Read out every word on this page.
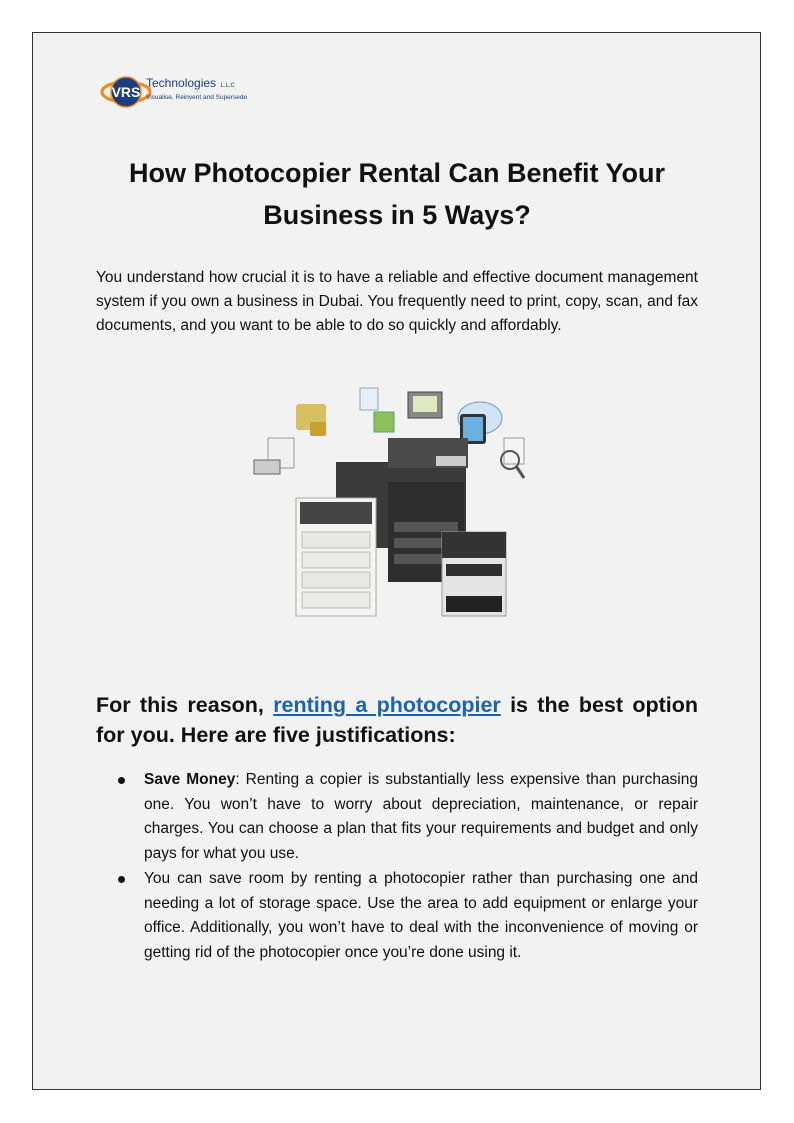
VRS
Technologies L.L.C
Visualise, Reinvent and Supersede
How Photocopier Rental Can Benefit Your Business in 5 Ways?
You understand how crucial it is to have a reliable and effective document management system if you own a business in Dubai. You frequently need to print, copy, scan, and fax documents, and you want to be able to do so quickly and affordably.
For this reason, renting a photocopier is the best option for you. Here are five justifications:
Save Money: Renting a copier is substantially less expensive than purchasing one. You won’t have to worry about depreciation, maintenance, or repair charges. You can choose a plan that fits your requirements and budget and only pays for what you use.
You can save room by renting a photocopier rather than purchasing one and needing a lot of storage space. Use the area to add equipment or enlarge your office. Additionally, you won’t have to deal with the inconvenience of moving or getting rid of the photocopier once you’re done using it.
